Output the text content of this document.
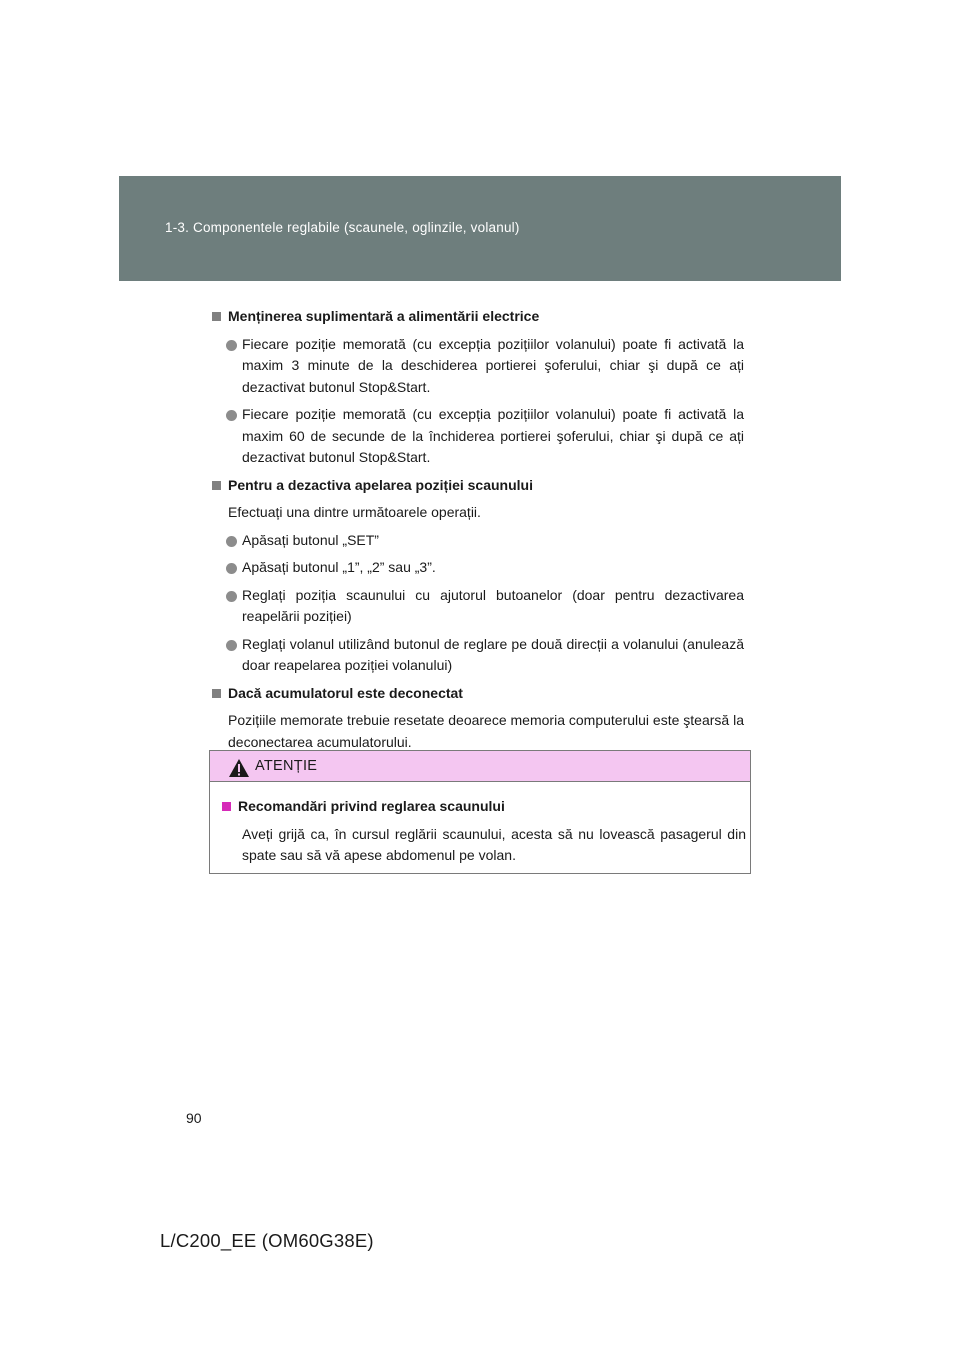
1-3. Componentele reglabile (scaunele, oglinzile, volanul)
Menținerea suplimentară a alimentării electrice
Fiecare poziție memorată (cu excepția pozițiilor volanului) poate fi activată la maxim 3 minute de la deschiderea portierei şoferului, chiar şi după ce ați dezactivat butonul Stop&Start.
Fiecare poziție memorată (cu excepția pozițiilor volanului) poate fi activată la maxim 60 de secunde de la închiderea portierei şoferului, chiar şi după ce ați dezactivat butonul Stop&Start.
Pentru a dezactiva apelarea poziției scaunului
Efectuați una dintre următoarele operații.
Apăsați butonul „SET”
Apăsați butonul „1”, „2” sau „3”.
Reglați poziția scaunului cu ajutorul butoanelor (doar pentru dezactivarea reapelării poziției)
Reglați volanul utilizând butonul de reglare pe două direcții a volanului (anulează doar reapelarea poziției volanului)
Dacă acumulatorul este deconectat
Pozițiile memorate trebuie resetate deoarece memoria computerului este ştearsă la deconectarea acumulatorului.
ATENȚIE
Recomandări privind reglarea scaunului
Aveți grijă ca, în cursul reglării scaunului, acesta să nu lovească pasagerul din spate sau să vă apese abdomenul pe volan.
90
L/C200_EE (OM60G38E)
